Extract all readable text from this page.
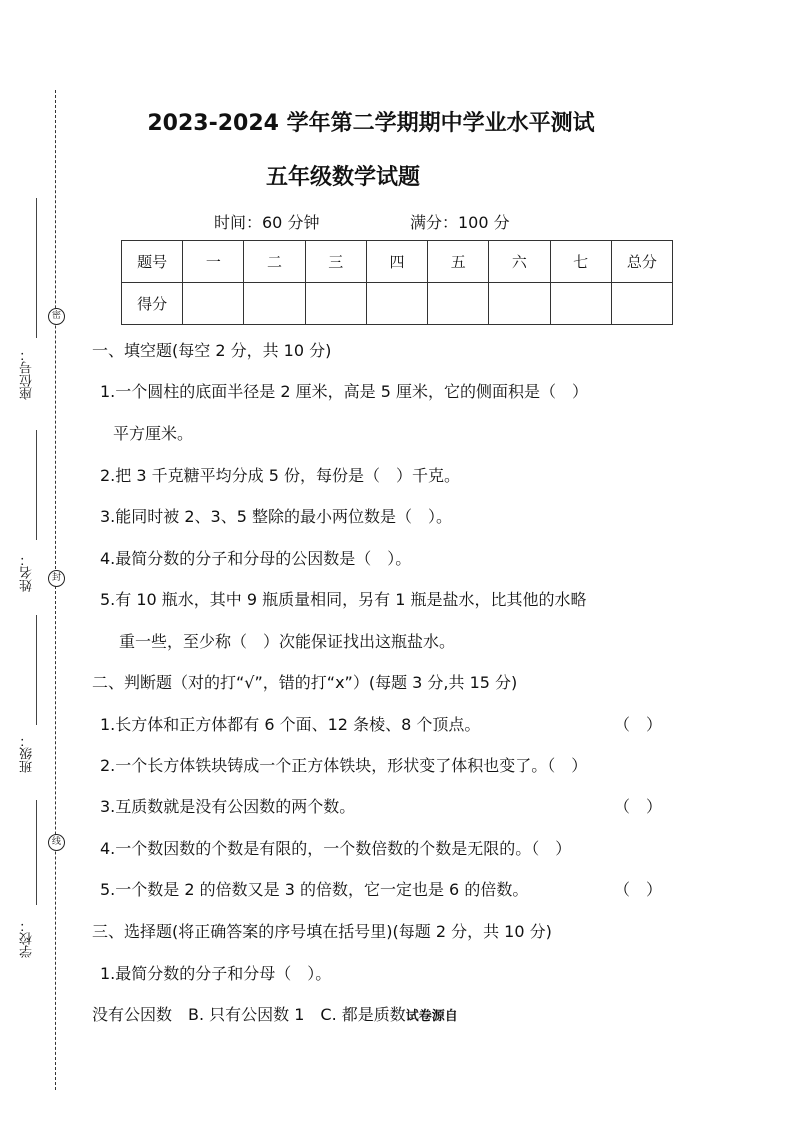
座位号：
姓名：
班级：
学校：
密
封
线
2023-2024 学年第二学期期中学业水平测试
五年级数学试题
时间：60 分钟	满分：100 分
题号	一	二	三	四	五	六	七	总分
得分								
一、填空题(每空 2 分，共 10 分)
1.一个圆柱的底面半径是 2 厘米，高是 5 厘米，它的侧面积是（　）
平方厘米。
2.把 3 千克糖平均分成 5 份，每份是（　）千克。
3.能同时被 2、3、5 整除的最小两位数是（　）。
4.最简分数的分子和分母的公因数是（　）。
5.有 10 瓶水，其中 9 瓶质量相同，另有 1 瓶是盐水，比其他的水略
重一些，至少称（　）次能保证找出这瓶盐水。
二、判断题（对的打“√”，错的打“x”）(每题 3 分,共 15 分)
1.长方体和正方体都有 6 个面、12 条棱、8 个顶点。	（　）
2.一个长方体铁块铸成一个正方体铁块，形状变了体积也变了。（　）
3.互质数就是没有公因数的两个数。	（　）
4.一个数因数的个数是有限的，一个数倍数的个数是无限的。（　）
5.一个数是 2 的倍数又是 3 的倍数，它一定也是 6 的倍数。	（　）
三、选择题(将正确答案的序号填在括号里)(每题 2 分，共 10 分)
1.最简分数的分子和分母（　）。
没有公因数　B. 只有公因数 1　C. 都是质数试卷源自
